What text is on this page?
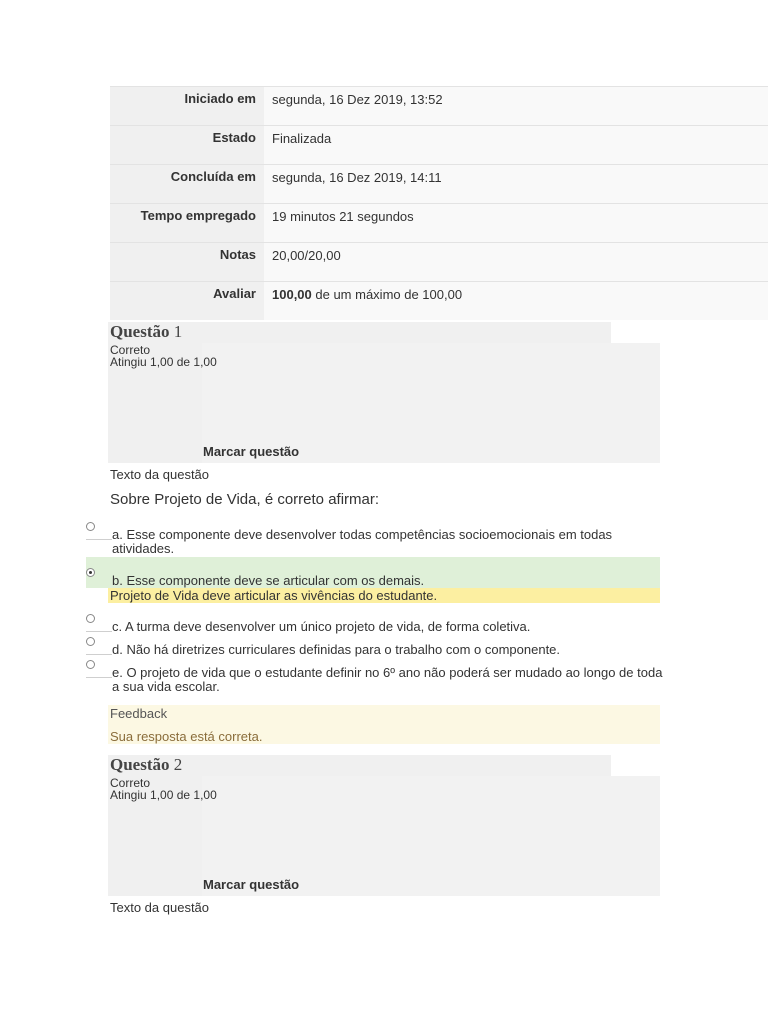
Iniciado em	segunda, 16 Dez 2019, 13:52
Estado	Finalizada
Concluída em	segunda, 16 Dez 2019, 14:11
Tempo empregado	19 minutos 21 segundos
Notas	20,00/20,00
Avaliar	100,00 de um máximo de 100,00
Questão 1
Correto
Atingiu 1,00 de 1,00
Marcar questão
Texto da questão
Sobre Projeto de Vida, é correto afirmar:
a. Esse componente deve desenvolver todas competências socioemocionais em todas atividades.
b. Esse componente deve se articular com os demais.
Projeto de Vida deve articular as vivências do estudante.
c. A turma deve desenvolver um único projeto de vida, de forma coletiva.
d. Não há diretrizes curriculares definidas para o trabalho com o componente.
e. O projeto de vida que o estudante definir no 6º ano não poderá ser mudado ao longo de toda a sua vida escolar.
Feedback
Sua resposta está correta.
Questão 2
Correto
Atingiu 1,00 de 1,00
Marcar questão
Texto da questão
